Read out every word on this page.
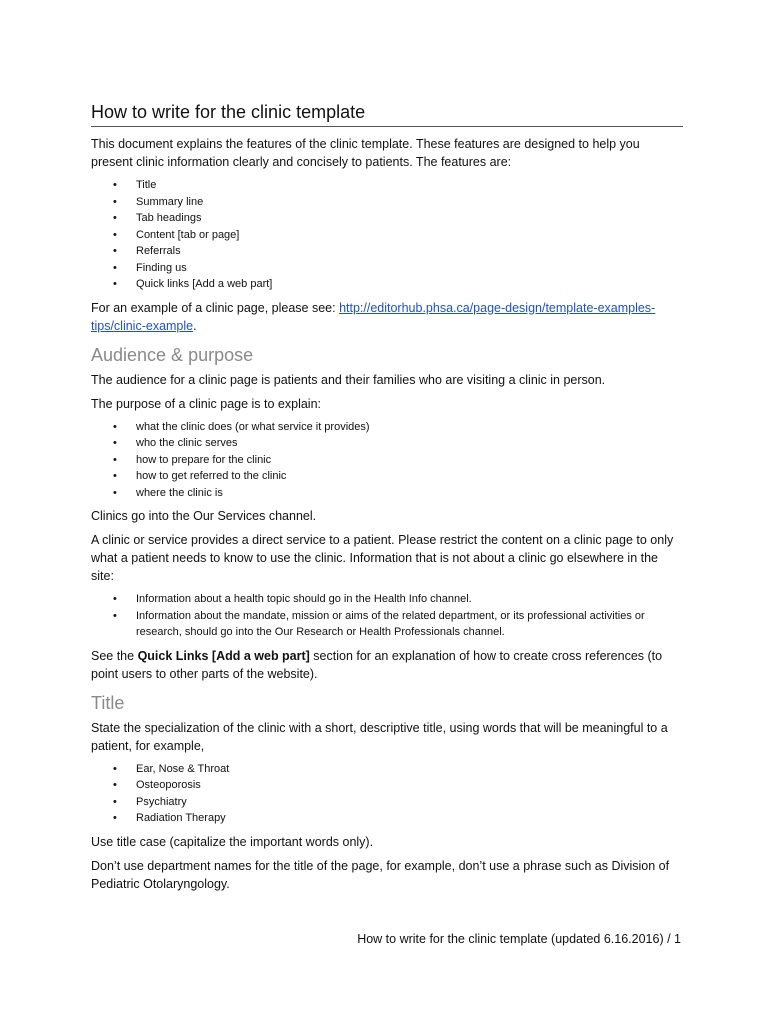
How to write for the clinic template

This document explains the features of the clinic template. These features are designed to help you present clinic information clearly and concisely to patients. The features are:

• Title
• Summary line
• Tab headings
• Content [tab or page]
• Referrals
• Finding us
• Quick links [Add a web part]

For an example of a clinic page, please see: http://editorhub.phsa.ca/page-design/template-examples-tips/clinic-example.

Audience & purpose

The audience for a clinic page is patients and their families who are visiting a clinic in person.

The purpose of a clinic page is to explain:

• what the clinic does (or what service it provides)
• who the clinic serves
• how to prepare for the clinic
• how to get referred to the clinic
• where the clinic is

Clinics go into the Our Services channel.

A clinic or service provides a direct service to a patient. Please restrict the content on a clinic page to only what a patient needs to know to use the clinic. Information that is not about a clinic go elsewhere in the site:

• Information about a health topic should go in the Health Info channel.
• Information about the mandate, mission or aims of the related department, or its professional activities or research, should go into the Our Research or Health Professionals channel.

See the Quick Links [Add a web part] section for an explanation of how to create cross references (to point users to other parts of the website).

Title

State the specialization of the clinic with a short, descriptive title, using words that will be meaningful to a patient, for example,

• Ear, Nose & Throat
• Osteoporosis
• Psychiatry
• Radiation Therapy

Use title case (capitalize the important words only).

Don’t use department names for the title of the page, for example, don’t use a phrase such as Division of Pediatric Otolaryngology.

How to write for the clinic template (updated 6.16.2016) / 1
